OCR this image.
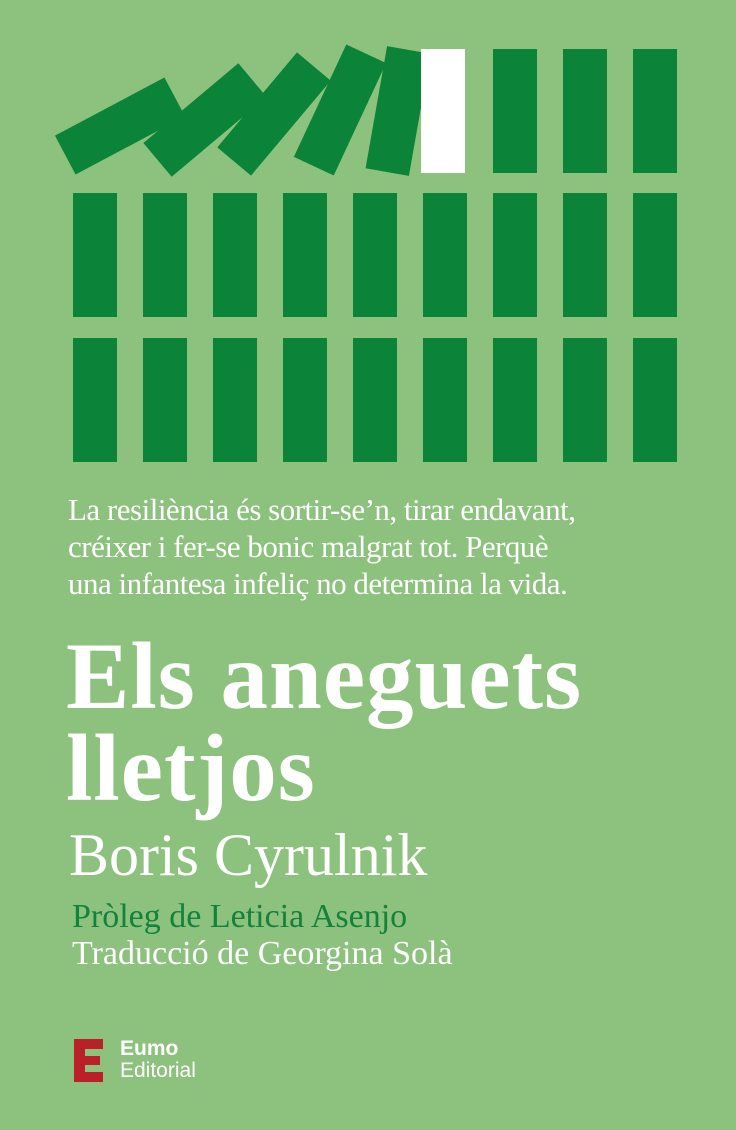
La resiliència és sortir-se’n, tirar endavant,
créixer i fer-se bonic malgrat tot. Perquè
una infantesa infeliç no determina la vida.
Els aneguets
lletjos
Boris Cyrulnik
Pròleg de Leticia Asenjo
Traducció de Georgina Solà
Eumo
Editorial
